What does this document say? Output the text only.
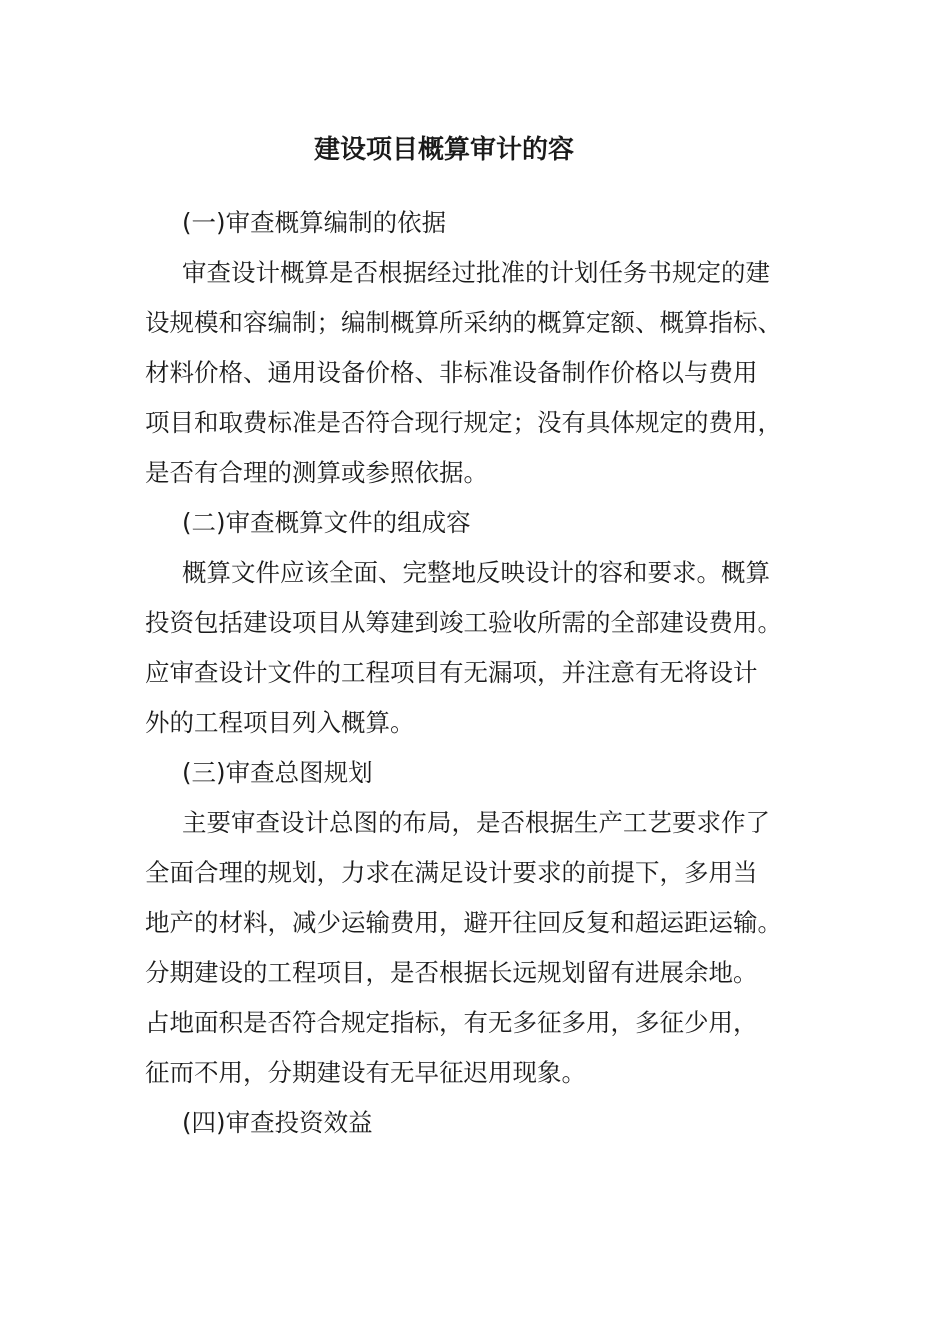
建设项目概算审计的容

(一)审查概算编制的依据

审查设计概算是否根据经过批准的计划任务书规定的建
设规模和容编制；编制概算所采纳的概算定额、概算指标、
材料价格、通用设备价格、非标准设备制作价格以与费用
项目和取费标准是否符合现行规定；没有具体规定的费用，
是否有合理的测算或参照依据。

(二)审查概算文件的组成容

概算文件应该全面、完整地反映设计的容和要求。概算
投资包括建设项目从筹建到竣工验收所需的全部建设费用。
应审查设计文件的工程项目有无漏项，并注意有无将设计
外的工程项目列入概算。

(三)审查总图规划

主要审查设计总图的布局，是否根据生产工艺要求作了
全面合理的规划，力求在满足设计要求的前提下，多用当
地产的材料，减少运输费用，避开往回反复和超运距运输。
分期建设的工程项目，是否根据长远规划留有进展余地。
占地面积是否符合规定指标，有无多征多用，多征少用，
征而不用，分期建设有无早征迟用现象。

(四)审查投资效益
